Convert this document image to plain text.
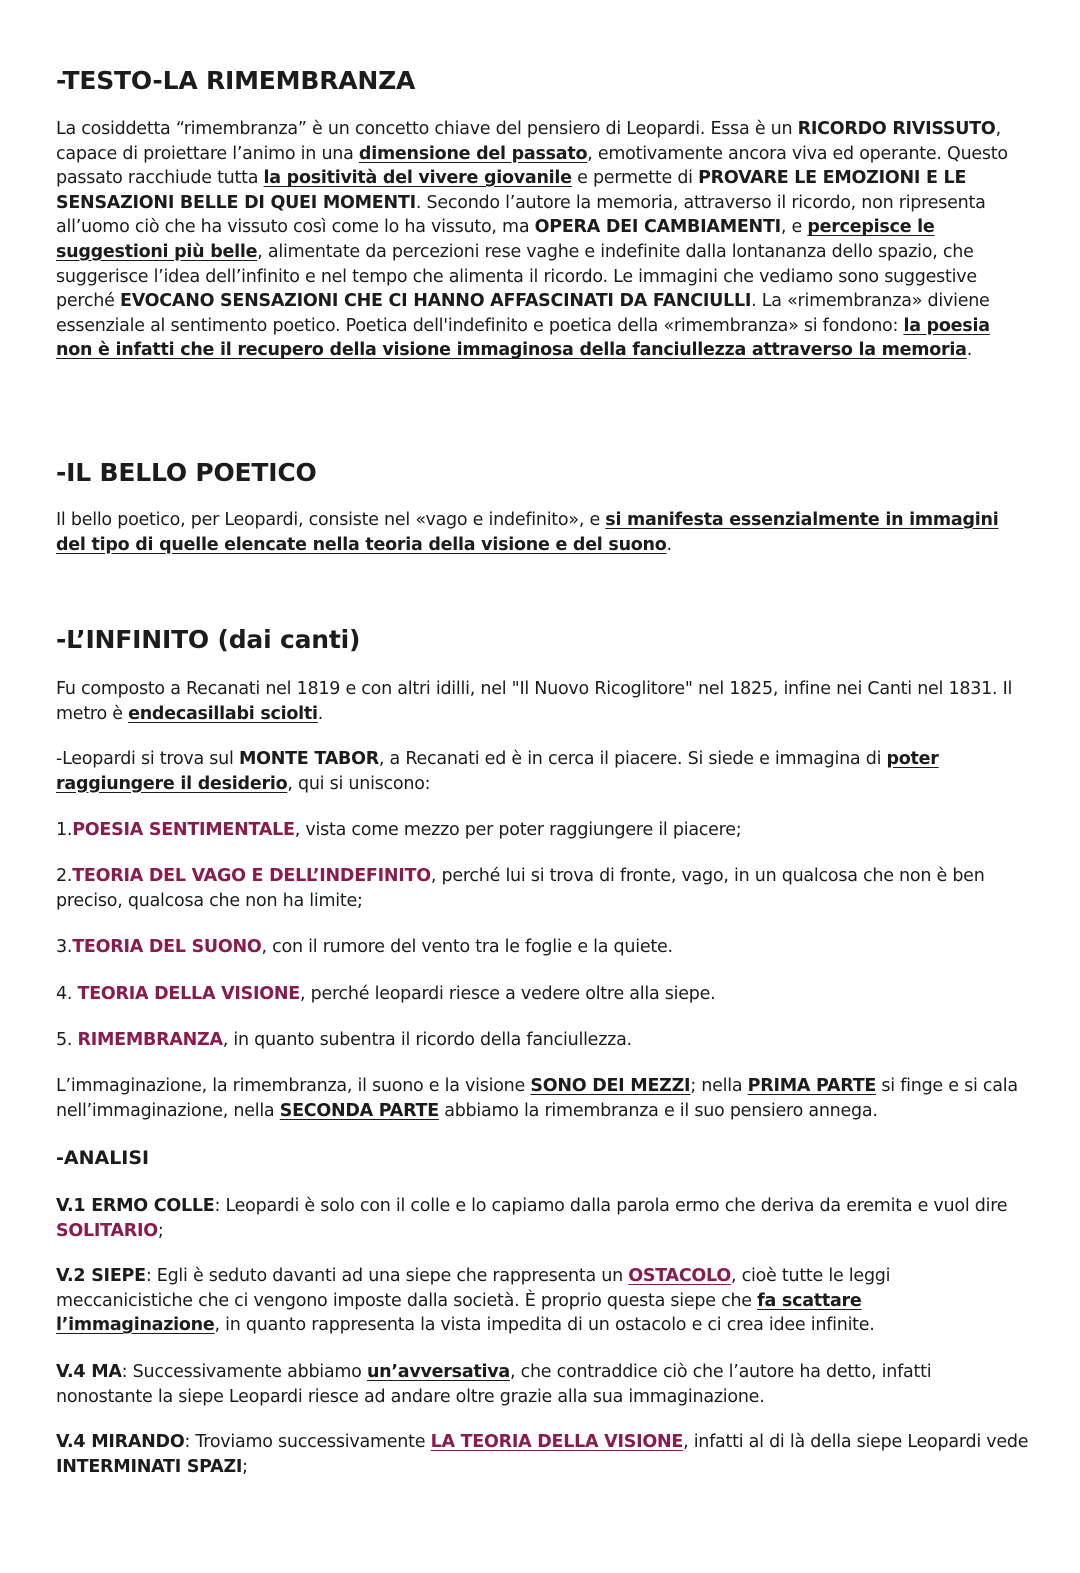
-TESTO-LA RIMEMBRANZA

La cosiddetta “rimembranza” è un concetto chiave del pensiero di Leopardi. Essa è un RICORDO RIVISSUTO, capace di proiettare l’animo in una dimensione del passato, emotivamente ancora viva ed operante. Questo passato racchiude tutta la positività del vivere giovanile e permette di PROVARE LE EMOZIONI E LE SENSAZIONI BELLE DI QUEI MOMENTI. Secondo l’autore la memoria, attraverso il ricordo, non ripresenta all’uomo ciò che ha vissuto così come lo ha vissuto, ma OPERA DEI CAMBIAMENTI, e percepisce le suggestioni più belle, alimentate da percezioni rese vaghe e indefinite dalla lontananza dello spazio, che suggerisce l’idea dell’infinito e nel tempo che alimenta il ricordo. Le immagini che vediamo sono suggestive perché EVOCANO SENSAZIONI CHE CI HANNO AFFASCINATI DA FANCIULLI. La «rimembranza» diviene essenziale al sentimento poetico. Poetica dell'indefinito e poetica della «rimembranza» si fondono: la poesia non è infatti che il recupero della visione immaginosa della fanciullezza attraverso la memoria.

-IL BELLO POETICO

Il bello poetico, per Leopardi, consiste nel «vago e indefinito», e si manifesta essenzialmente in immagini del tipo di quelle elencate nella teoria della visione e del suono.

-L’INFINITO (dai canti)

Fu composto a Recanati nel 1819 e con altri idilli, nel "Il Nuovo Ricoglitore" nel 1825, infine nei Canti nel 1831. Il metro è endecasillabi sciolti.

-Leopardi si trova sul MONTE TABOR, a Recanati ed è in cerca il piacere. Si siede e immagina di poter raggiungere il desiderio, qui si uniscono:

1.POESIA SENTIMENTALE, vista come mezzo per poter raggiungere il piacere;

2.TEORIA DEL VAGO E DELL’INDEFINITO, perché lui si trova di fronte, vago, in un qualcosa che non è ben preciso, qualcosa che non ha limite;

3.TEORIA DEL SUONO, con il rumore del vento tra le foglie e la quiete.

4. TEORIA DELLA VISIONE, perché leopardi riesce a vedere oltre alla siepe.

5. RIMEMBRANZA, in quanto subentra il ricordo della fanciullezza.

L’immaginazione, la rimembranza, il suono e la visione SONO DEI MEZZI; nella PRIMA PARTE si finge e si cala nell’immaginazione, nella SECONDA PARTE abbiamo la rimembranza e il suo pensiero annega.

-ANALISI

V.1 ERMO COLLE: Leopardi è solo con il colle e lo capiamo dalla parola ermo che deriva da eremita e vuol dire SOLITARIO;

V.2 SIEPE: Egli è seduto davanti ad una siepe che rappresenta un OSTACOLO, cioè tutte le leggi meccanicistiche che ci vengono imposte dalla società. È proprio questa siepe che fa scattare l’immaginazione, in quanto rappresenta la vista impedita di un ostacolo e ci crea idee infinite.

V.4 MA: Successivamente abbiamo un’avversativa, che contraddice ciò che l’autore ha detto, infatti nonostante la siepe Leopardi riesce ad andare oltre grazie alla sua immaginazione.

V.4 MIRANDO: Troviamo successivamente LA TEORIA DELLA VISIONE, infatti al di là della siepe Leopardi vede INTERMINATI SPAZI;
